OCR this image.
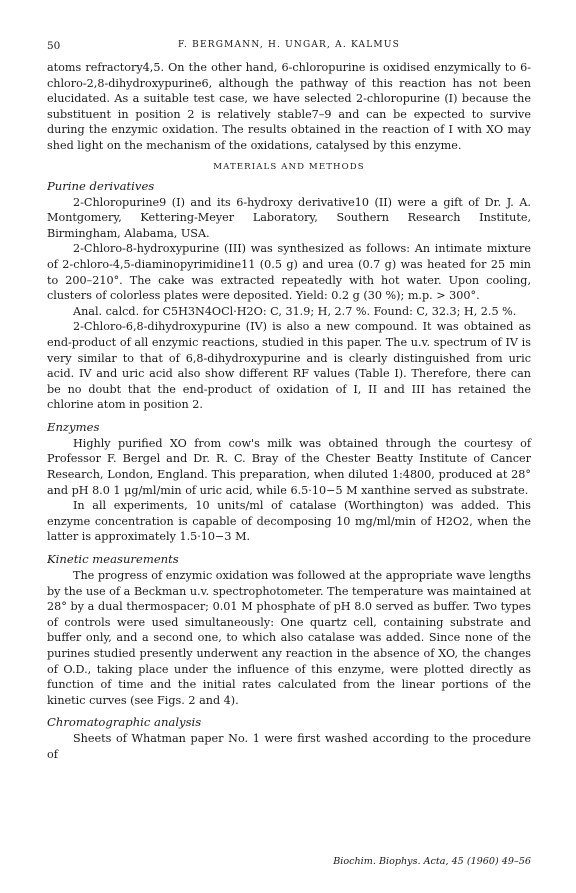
50	F. BERGMANN, H. UNGAR, A. KALMUS

atoms refractory4,5. On the other hand, 6-chloropurine is oxidised enzymically to 6-chloro-2,8-dihydroxypurine6, although the pathway of this reaction has not been elucidated. As a suitable test case, we have selected 2-chloropurine (I) because the substituent in position 2 is relatively stable7–9 and can be expected to survive during the enzymic oxidation. The results obtained in the reaction of I with XO may shed light on the mechanism of the oxidations, catalysed by this enzyme.

MATERIALS AND METHODS
Purine derivatives

2-Chloropurine9 (I) and its 6-hydroxy derivative10 (II) were a gift of Dr. J. A. Montgomery, Kettering-Meyer Laboratory, Southern Research Institute, Birmingham, Alabama, USA.

2-Chloro-8-hydroxypurine (III) was synthesized as follows: An intimate mixture of 2-chloro-4,5-diaminopyrimidine11 (0.5 g) and urea (0.7 g) was heated for 25 min to 200–210°. The cake was extracted repeatedly with hot water. Upon cooling, clusters of colorless plates were deposited. Yield: 0.2 g (30 %); m.p. > 300°.

Anal. calcd. for C5H3N4OCl·H2O: C, 31.9; H, 2.7 %. Found: C, 32.3; H, 2.5 %.

2-Chloro-6,8-dihydroxypurine (IV) is also a new compound. It was obtained as end-product of all enzymic reactions, studied in this paper. The u.v. spectrum of IV is very similar to that of 6,8-dihydroxypurine and is clearly distinguished from uric acid. IV and uric acid also show different RF values (Table I). Therefore, there can be no doubt that the end-product of oxidation of I, II and III has retained the chlorine atom in position 2.

Enzymes

Highly purified XO from cow's milk was obtained through the courtesy of Professor F. Bergel and Dr. R. C. Bray of the Chester Beatty Institute of Cancer Research, London, England. This preparation, when diluted 1:4800, produced at 28° and pH 8.0 1 μg/ml/min of uric acid, while 6.5·10−5 M xanthine served as substrate.

In all experiments, 10 units/ml of catalase (Worthington) was added. This enzyme concentration is capable of decomposing 10 mg/ml/min of H2O2, when the latter is approximately 1.5·10−3 M.

Kinetic measurements

The progress of enzymic oxidation was followed at the appropriate wave lengths by the use of a Beckman u.v. spectrophotometer. The temperature was maintained at 28° by a dual thermospacer; 0.01 M phosphate of pH 8.0 served as buffer. Two types of controls were used simultaneously: One quartz cell, containing substrate and buffer only, and a second one, to which also catalase was added. Since none of the purines studied presently underwent any reaction in the absence of XO, the changes of O.D., taking place under the influence of this enzyme, were plotted directly as function of time and the initial rates calculated from the linear portions of the kinetic curves (see Figs. 2 and 4).

Chromatographic analysis

Sheets of Whatman paper No. 1 were first washed according to the procedure of

Biochim. Biophys. Acta, 45 (1960) 49–56
